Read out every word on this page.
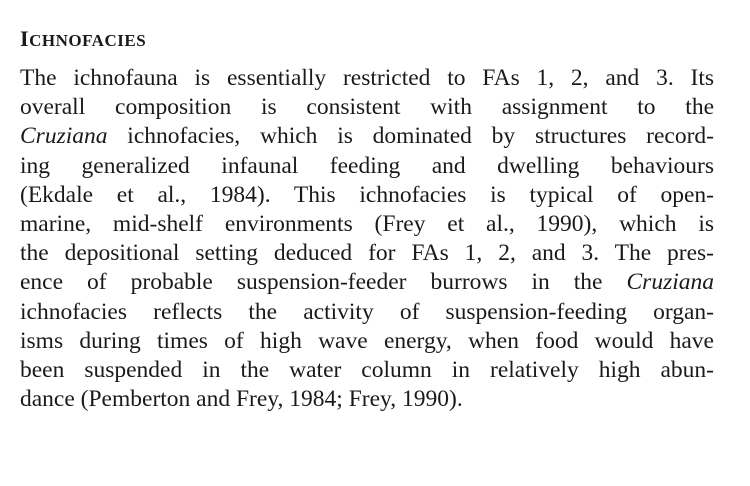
ICHNOFACIES

The ichnofauna is essentially restricted to FAs 1, 2, and 3. Its
overall composition is consistent with assignment to the
Cruziana ichnofacies, which is dominated by structures record-
ing generalized infaunal feeding and dwelling behaviours
(Ekdale et al., 1984). This ichnofacies is typical of open-
marine, mid-shelf environments (Frey et al., 1990), which is
the depositional setting deduced for FAs 1, 2, and 3. The pres-
ence of probable suspension-feeder burrows in the Cruziana
ichnofacies reflects the activity of suspension-feeding organ-
isms during times of high wave energy, when food would have
been suspended in the water column in relatively high abun-
dance (Pemberton and Frey, 1984; Frey, 1990).
